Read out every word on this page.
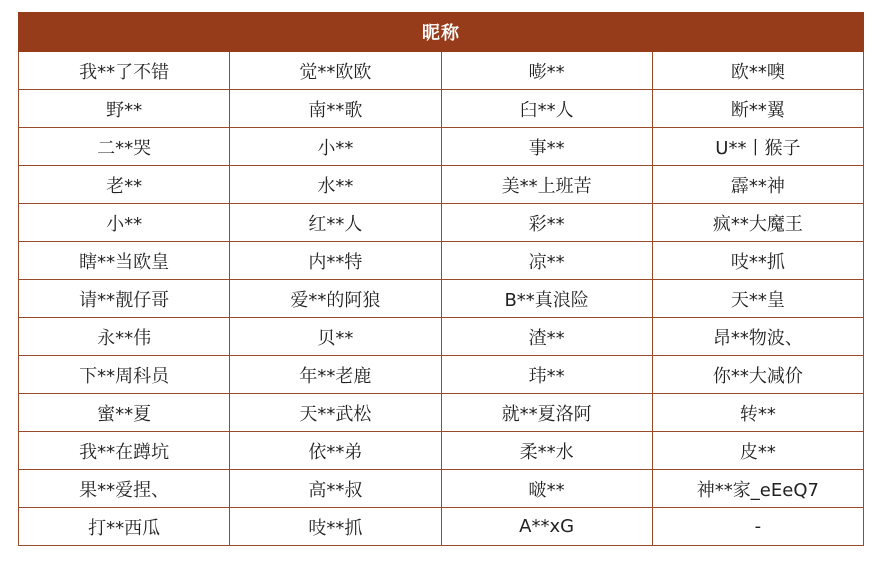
昵称			
我**了不错	觉**欧欧	嘭**	欧**噢
野**	南**歌	臼**人	断**翼
二**哭	小**	事**	U**丨猴子
老**	水**	美**上班苦	霹**神
小**	红**人	彩**	疯**大魔王
瞎**当欧皇	内**特	凉**	吱**抓
请**靓仔哥	爱**的阿狼	B**真浪险	天**皇
永**伟	贝**	渣**	昂**物波、
下**周科员	年**老鹿	玮**	你**大减价
蜜**夏	天**武松	就**夏洛阿	转**
我**在蹲坑	依**弟	柔**水	皮**
果**爱捏、	高**叔	啵**	神**家_eEeQ7
打**西瓜	吱**抓	A**xG	-
